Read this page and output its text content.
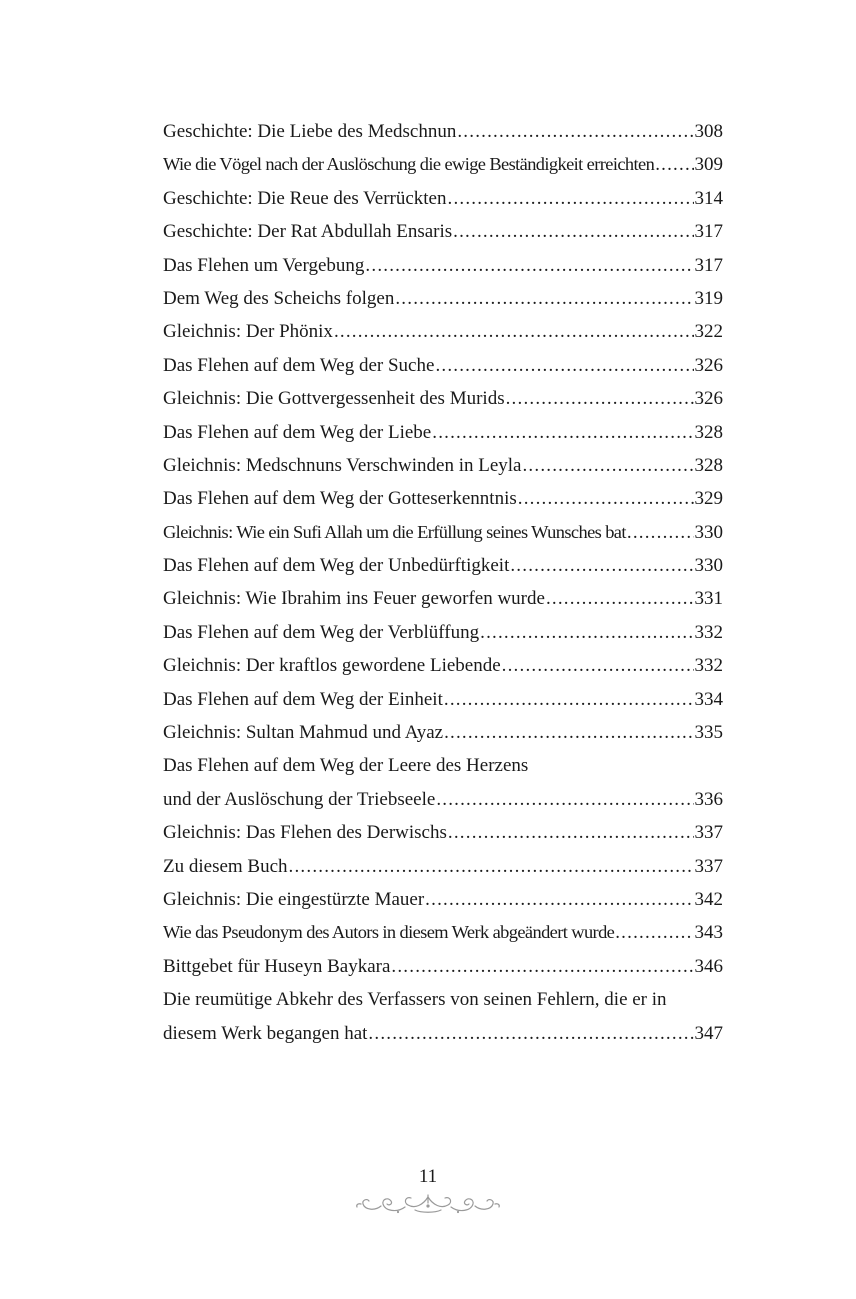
Geschichte: Die Liebe des Medschnun .....	308
Wie die Vögel nach der Auslöschung die ewige Beständigkeit erreichten ..... 309
Geschichte: Die Reue des Verrückten .....	314
Geschichte: Der Rat Abdullah Ensaris .....	317
Das Flehen um Vergebung .....	317
Dem Weg des Scheichs folgen .....	319
Gleichnis: Der Phönix .....	322
Das Flehen auf dem Weg der Suche .....	326
Gleichnis: Die Gottvergessenheit des Murids .....	326
Das Flehen auf dem Weg der Liebe .....	328
Gleichnis: Medschnuns Verschwinden in Leyla .....	328
Das Flehen auf dem Weg der Gotteserkenntnis .....	329
Gleichnis: Wie ein Sufi Allah um die Erfüllung seines Wunsches bat .....	330
Das Flehen auf dem Weg der Unbedürftigkeit .....	330
Gleichnis: Wie Ibrahim ins Feuer geworfen wurde .....	331
Das Flehen auf dem Weg der Verblüffung .....	332
Gleichnis: Der kraftlos gewordene Liebende .....	332
Das Flehen auf dem Weg der Einheit .....	334
Gleichnis: Sultan Mahmud und Ayaz .....	335
Das Flehen auf dem Weg der Leere des Herzens
und der Auslöschung der Triebseele .....	336
Gleichnis: Das Flehen des Derwischs .....	337
Zu diesem Buch .....	337
Gleichnis: Die eingestürzte Mauer .....	342
Wie das Pseudonym des Autors in diesem Werk abgeändert wurde .....	343
Bittgebet für Huseyn Baykara .....	346
Die reumütige Abkehr des Verfassers von seinen Fehlern, die er in
diesem Werk begangen hat .....	347
11
